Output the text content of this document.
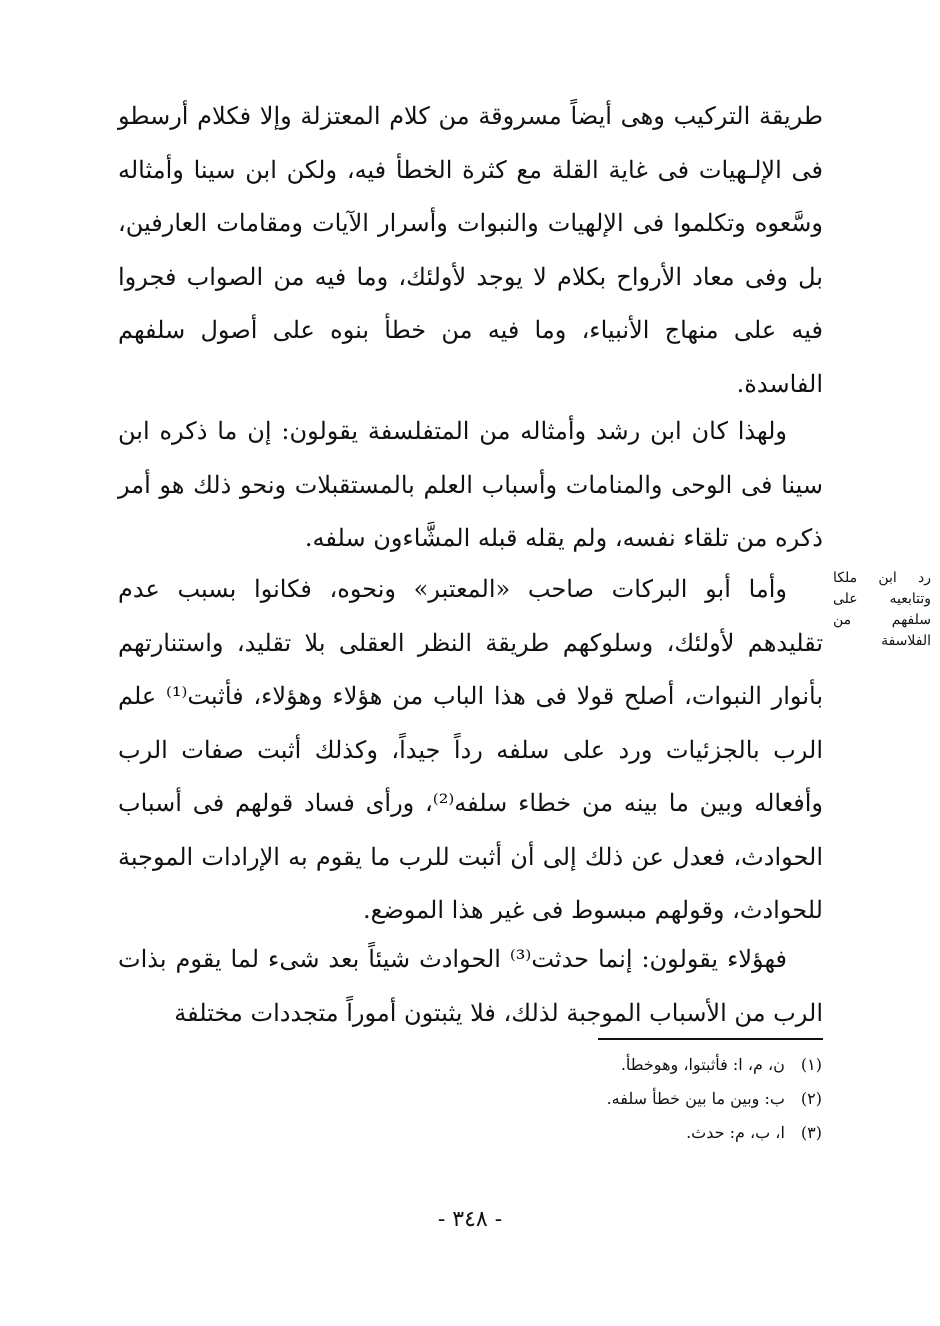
طريقة التركيب وهى أيضاً مسروقة من كلام المعتزلة وإلا فكلام أرسطو فى الإلـهيات فى غاية القلة مع كثرة الخطأ فيه، ولكن ابن سينا وأمثاله وسَّعوه وتكلموا فى الإلهيات والنبوات وأسرار الآيات ومقامات العارفين، بل وفى معاد الأرواح بكلام لا يوجد لأولئك، وما فيه من الصواب فجروا فيه على منهاج الأنبياء، وما فيه من خطأ بنوه على أصول سلفهم الفاسدة.

ولهذا كان ابن رشد وأمثاله من المتفلسفة يقولون: إن ما ذكره ابن سينا فى الوحى والمنامات وأسباب العلم بالمستقبلات ونحو ذلك هو أمر ذكره من تلقاء نفسه، ولم يقله قبله المشَّاءون سلفه.

وأما أبو البركات صاحب «المعتبر» ونحوه، فكانوا بسبب عدم تقليدهم لأولئك، وسلوكهم طريقة النظر العقلى بلا تقليد، واستنارتهم بأنوار النبوات، أصلح قولا فى هذا الباب من هؤلاء وهؤلاء، فأثبت⁽¹⁾ علم الرب بالجزئيات ورد على سلفه رداً جيداً، وكذلك أثبت صفات الرب وأفعاله وبين ما بينه من خطاء سلفه⁽²⁾، ورأى فساد قولهم فى أسباب الحوادث، فعدل عن ذلك إلى أن أثبت للرب ما يقوم به الإرادات الموجبة للحوادث، وقولهم مبسوط فى غير هذا الموضع.

فهؤلاء يقولون: إنما حدثت⁽³⁾ الحوادث شيئاً بعد شىء لما يقوم بذات الرب من الأسباب الموجبة لذلك، فلا يثبتون أموراً متجددات مختلفة

رد ابن ملكا وتتابعيه على سلفهم من الفلاسفة
(١)ن، م، ا: فأثبتوا، وهوخطأ.
(٢)ب: وبين ما بين خطأ سلفه.
(٣)ا، ب، م: حدث.
- ٣٤٨ -
